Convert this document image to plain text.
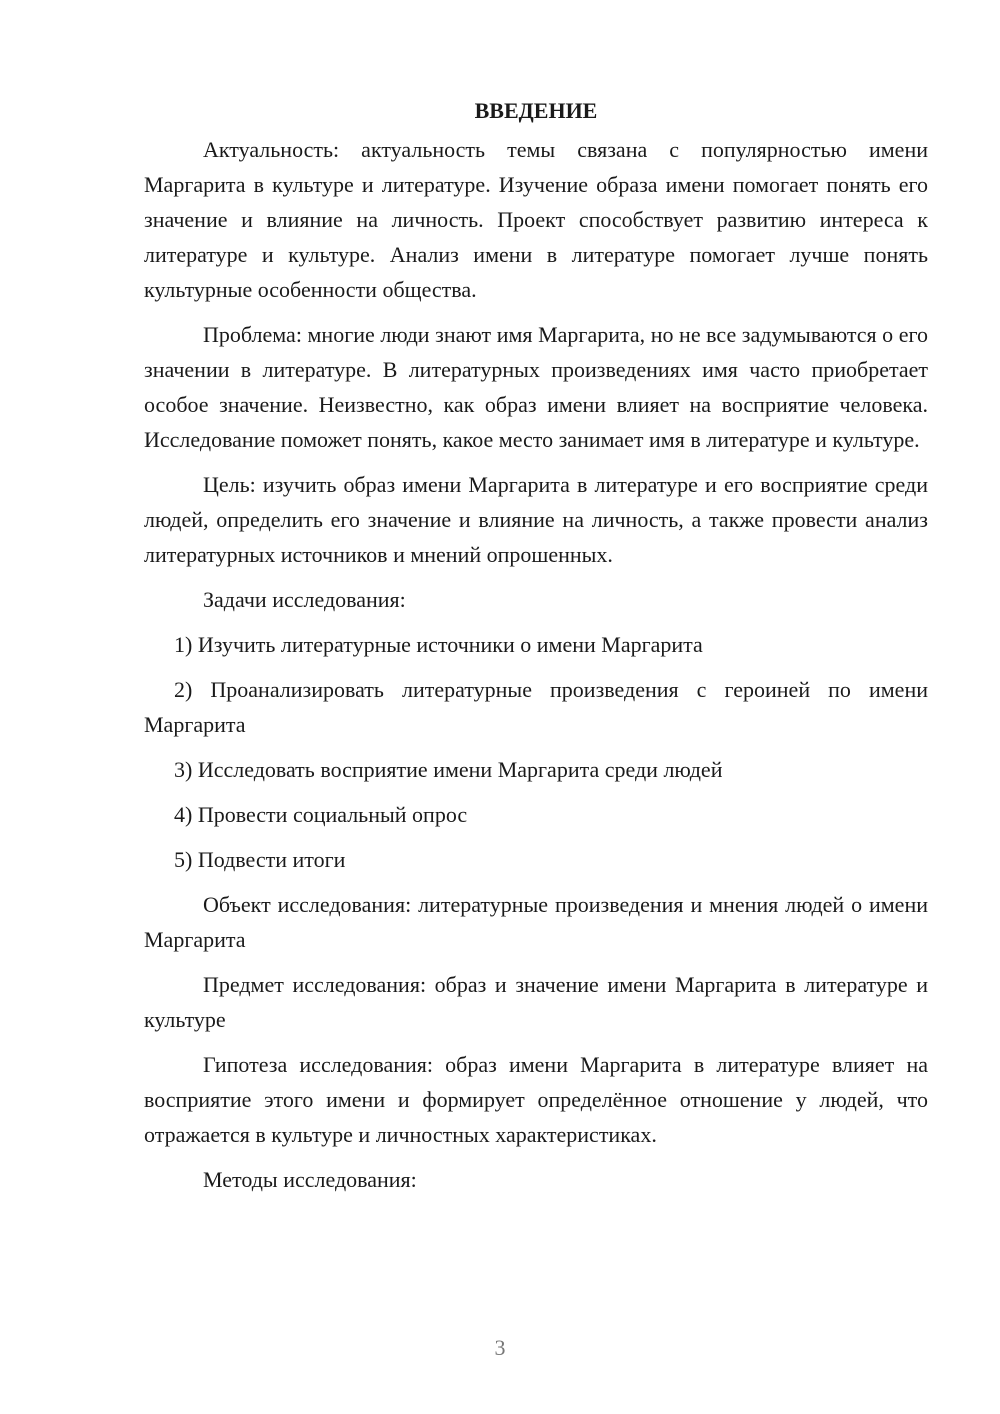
ВВЕДЕНИЕ

Актуальность: актуальность темы связана с популярностью имени Маргарита в культуре и литературе. Изучение образа имени помогает понять его значение и влияние на личность. Проект способствует развитию интереса к литературе и культуре. Анализ имени в литературе помогает лучше понять культурные особенности общества.

Проблема: многие люди знают имя Маргарита, но не все задумываются о его значении в литературе. В литературных произведениях имя часто приобретает особое значение. Неизвестно, как образ имени влияет на восприятие человека. Исследование поможет понять, какое место занимает имя в литературе и культуре.

Цель: изучить образ имени Маргарита в литературе и его восприятие среди людей, определить его значение и влияние на личность, а также провести анализ литературных источников и мнений опрошенных.

Задачи исследования:

1) Изучить литературные источники о имени Маргарита

2) Проанализировать литературные произведения с героиней по имени Маргарита

3) Исследовать восприятие имени Маргарита среди людей

4) Провести социальный опрос

5) Подвести итоги

Объект исследования: литературные произведения и мнения людей о имени Маргарита

Предмет исследования: образ и значение имени Маргарита в литературе и культуре

Гипотеза исследования: образ имени Маргарита в литературе влияет на восприятие этого имени и формирует определённое отношение у людей, что отражается в культуре и личностных характеристиках.

Методы исследования:

3
